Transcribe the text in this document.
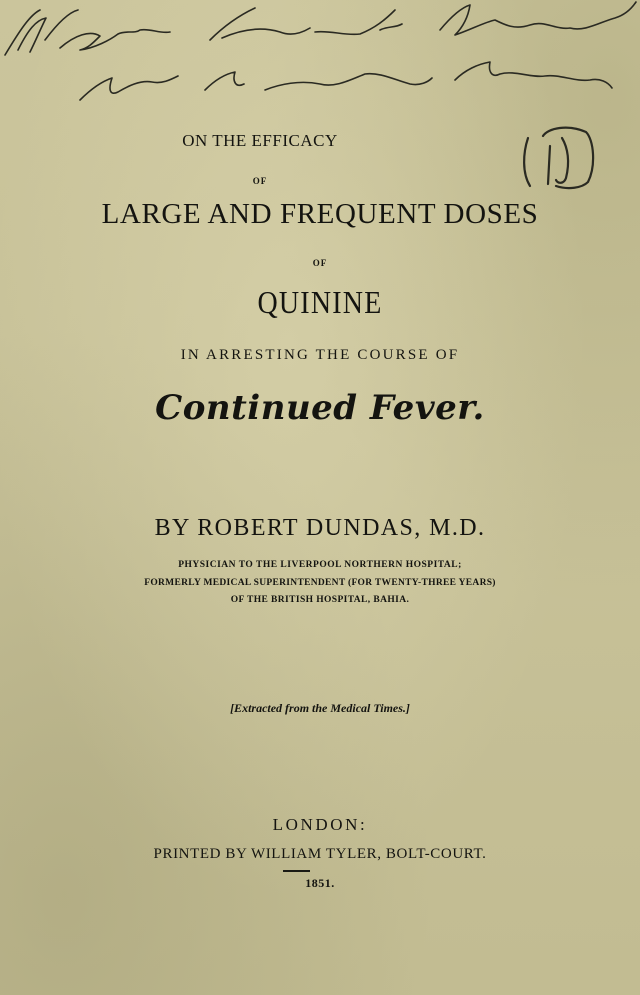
ON THE EFFICACY
OF
LARGE AND FREQUENT DOSES
OF
QUININE
IN ARRESTING THE COURSE OF
Continued Fever.
BY ROBERT DUNDAS, M.D.
PHYSICIAN TO THE LIVERPOOL NORTHERN HOSPITAL;
FORMERLY MEDICAL SUPERINTENDENT (FOR TWENTY-THREE YEARS)
OF THE BRITISH HOSPITAL, BAHIA.
[Extracted from the Medical Times.]
LONDON:
PRINTED BY WILLIAM TYLER, BOLT-COURT.
1851.
